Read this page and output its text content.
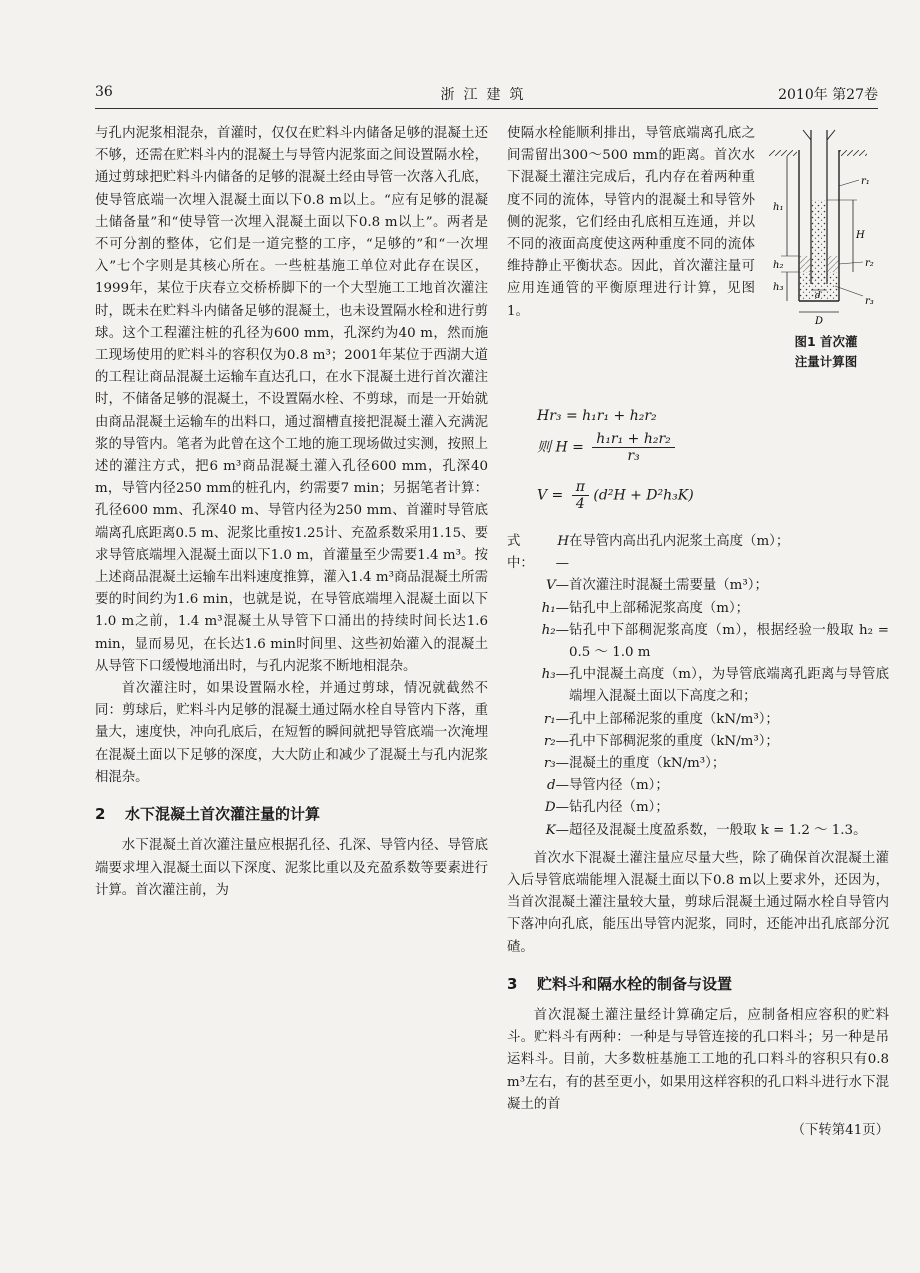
36	浙江建筑	2010年 第27卷

与孔内泥浆相混杂，首灌时，仅仅在贮料斗内储备足够的混凝土还不够，还需在贮料斗内的混凝土与导管内泥浆面之间设置隔水栓，通过剪球把贮料斗内储备的足够的混凝土经由导管一次落入孔底，使导管底端一次埋入混凝土面以下0.8 m以上。“应有足够的混凝土储备量”和“使导管一次埋入混凝土面以下0.8 m以上”。两者是不可分割的整体，它们是一道完整的工序，“足够的”和“一次埋入”七个字则是其核心所在。一些桩基施工单位对此存在误区，1999年，某位于庆春立交桥桥脚下的一个大型施工工地首次灌注时，既未在贮料斗内储备足够的混凝土，也未设置隔水栓和进行剪球。这个工程灌注桩的孔径为600 mm，孔深约为40 m，然而施工现场使用的贮料斗的容积仅为0.8 m³；2001年某位于西湖大道的工程让商品混凝土运输车直达孔口，在水下混凝土进行首次灌注时，不储备足够的混凝土，不设置隔水栓、不剪球，而是一开始就由商品混凝土运输车的出料口，通过溜槽直接把混凝土灌入充满泥浆的导管内。笔者为此曾在这个工地的施工现场做过实测，按照上述的灌注方式，把6 m³商品混凝土灌入孔径600 mm，孔深40 m，导管内径250 mm的桩孔内，约需要7 min；另据笔者计算：孔径600 mm、孔深40 m、导管内径为250 mm、首灌时导管底端离孔底距离0.5 m、泥浆比重按1.25计、充盈系数采用1.15、要求导管底端埋入混凝土面以下1.0 m，首灌量至少需要1.4 m³。按上述商品混凝土运输车出料速度推算，灌入1.4 m³商品混凝土所需要的时间约为1.6 min，也就是说，在导管底端埋入混凝土面以下1.0 m之前，1.4 m³混凝土从导管下口涌出的持续时间长达1.6 min，显而易见，在长达1.6 min时间里、这些初始灌入的混凝土从导管下口缓慢地涌出时，与孔内泥浆不断地相混杂。

首次灌注时，如果设置隔水栓，并通过剪球，情况就截然不同：剪球后，贮料斗内足够的混凝土通过隔水栓自导管内下落，重量大，速度快，冲向孔底后，在短暂的瞬间就把导管底端一次淹埋在混凝土面以下足够的深度，大大防止和减少了混凝土与孔内泥浆相混杂。

2 水下混凝土首次灌注量的计算

水下混凝土首次灌注量应根据孔径、孔深、导管内径、导管底端要求埋入混凝土面以下深度、泥浆比重以及充盈系数等要素进行计算。首次灌注前，为

使隔水栓能顺利排出，导管底端离孔底之间需留出300～500 mm的距离。首次水下混凝土灌注完成后，孔内存在着两种重度不同的流体，导管内的混凝土和导管外侧的泥浆，它们经由孔底相互连通，并以不同的液面高度使这两种重度不同的流体维持静止平衡状态。因此，首次灌注量可应用连通管的平衡原理进行计算，见图1。

r₁
r₂
r₃
h₁
h₂
h₃
H
d
D
图1 首次灌
注量计算图
Hr₃ = h₁r₁ + h₂r₂
则 $H = \frac{\text{h₁r₁ + h₂r₂}}{\text{r₃}}$
$V = \frac{\pi}{4} (d^2H + D^2h_3K)$
式中：
H—
在导管内高出孔内泥浆土高度（m）；
V— 首次灌注时混凝土需要量（m³）；
h₁— 钻孔中上部稀泥浆高度（m）；
h₂— 钻孔中下部稠泥浆高度（m），根据经验一般取 h₂ = 0.5 ～ 1.0 m
h₃— 孔中混凝土高度（m），为导管底端离孔距离与导管底端埋入混凝土面以下高度之和；
r₁— 孔中上部稀泥浆的重度（kN/m³）；
r₂— 孔中下部稠泥浆的重度（kN/m³）；
r₃— 混凝土的重度（kN/m³）；
d— 导管内径（m）；
D— 钻孔内径（m）；
K— 超径及混凝土度盈系数，一般取 k = 1.2 ～ 1.3。

首次水下混凝土灌注量应尽量大些，除了确保首次混凝土灌入后导管底端能埋入混凝土面以下0.8 m以上要求外，还因为，当首次混凝土灌注量较大量，剪球后混凝土通过隔水栓自导管内下落冲向孔底，能压出导管内泥浆，同时，还能冲出孔底部分沉碴。

3 贮料斗和隔水栓的制备与设置

首次混凝土灌注量经计算确定后，应制备相应容积的贮料斗。贮料斗有两种：一种是与导管连接的孔口料斗；另一种是吊运料斗。目前，大多数桩基施工工地的孔口料斗的容积只有0.8 m³左右，有的甚至更小，如果用这样容积的孔口料斗进行水下混凝土的首

（下转第41页）
